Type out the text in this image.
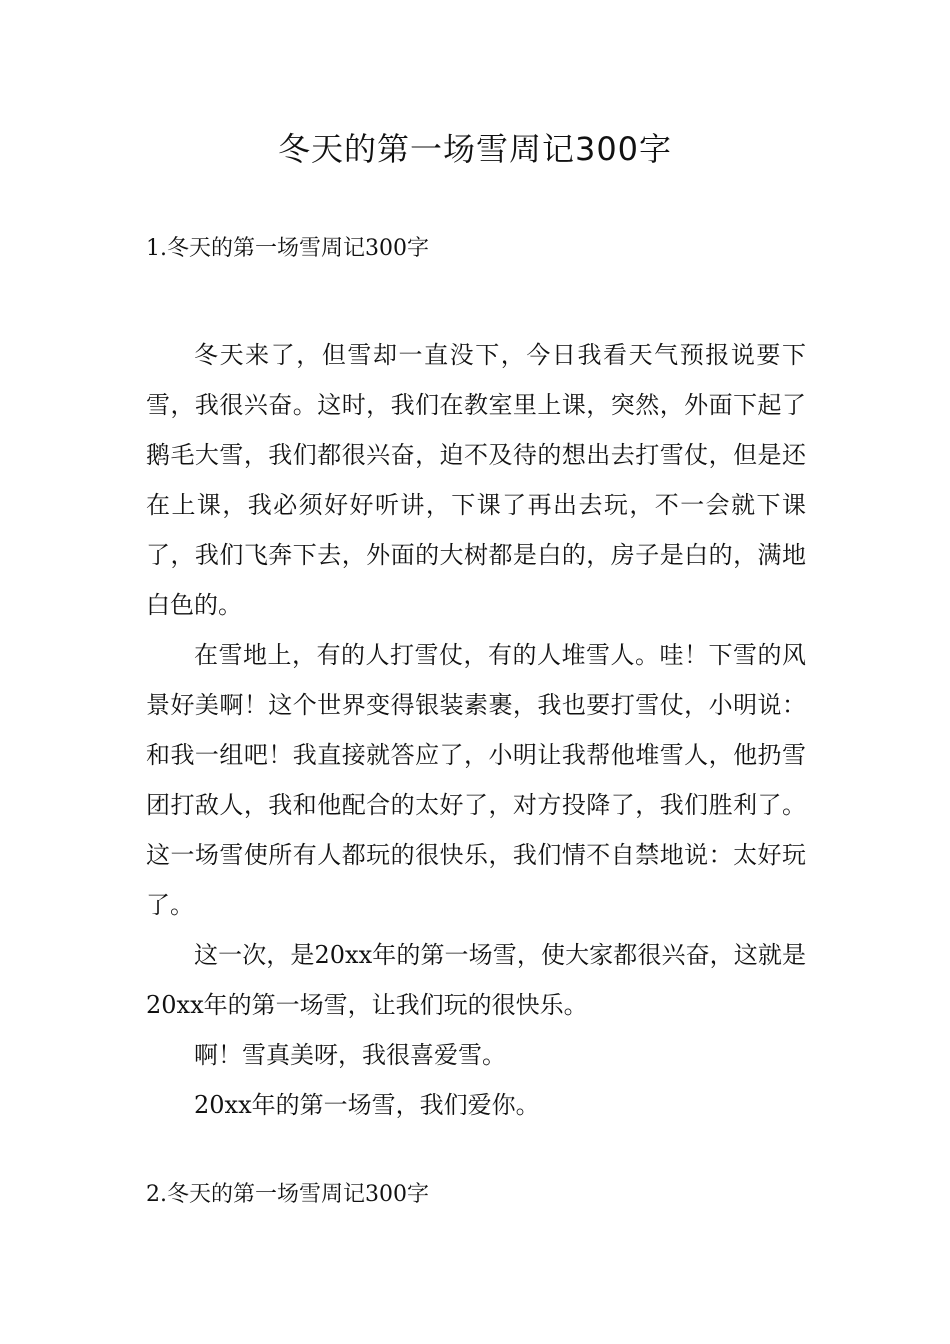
冬天的第一场雪周记300字
1.冬天的第一场雪周记300字

冬天来了，但雪却一直没下，今日我看天气预报说要下雪，我很兴奋。这时，我们在教室里上课，突然，外面下起了鹅毛大雪，我们都很兴奋，迫不及待的想出去打雪仗，但是还在上课，我必须好好听讲，下课了再出去玩，不一会就下课了，我们飞奔下去，外面的大树都是白的，房子是白的，满地白色的。

在雪地上，有的人打雪仗，有的人堆雪人。哇！下雪的风景好美啊！这个世界变得银装素裹，我也要打雪仗，小明说：和我一组吧！我直接就答应了，小明让我帮他堆雪人，他扔雪团打敌人，我和他配合的太好了，对方投降了，我们胜利了。这一场雪使所有人都玩的很快乐，我们情不自禁地说：太好玩了。

这一次，是20xx年的第一场雪，使大家都很兴奋，这就是20xx年的第一场雪，让我们玩的很快乐。

啊！雪真美呀，我很喜爱雪。

20xx年的第一场雪，我们爱你。

2.冬天的第一场雪周记300字
